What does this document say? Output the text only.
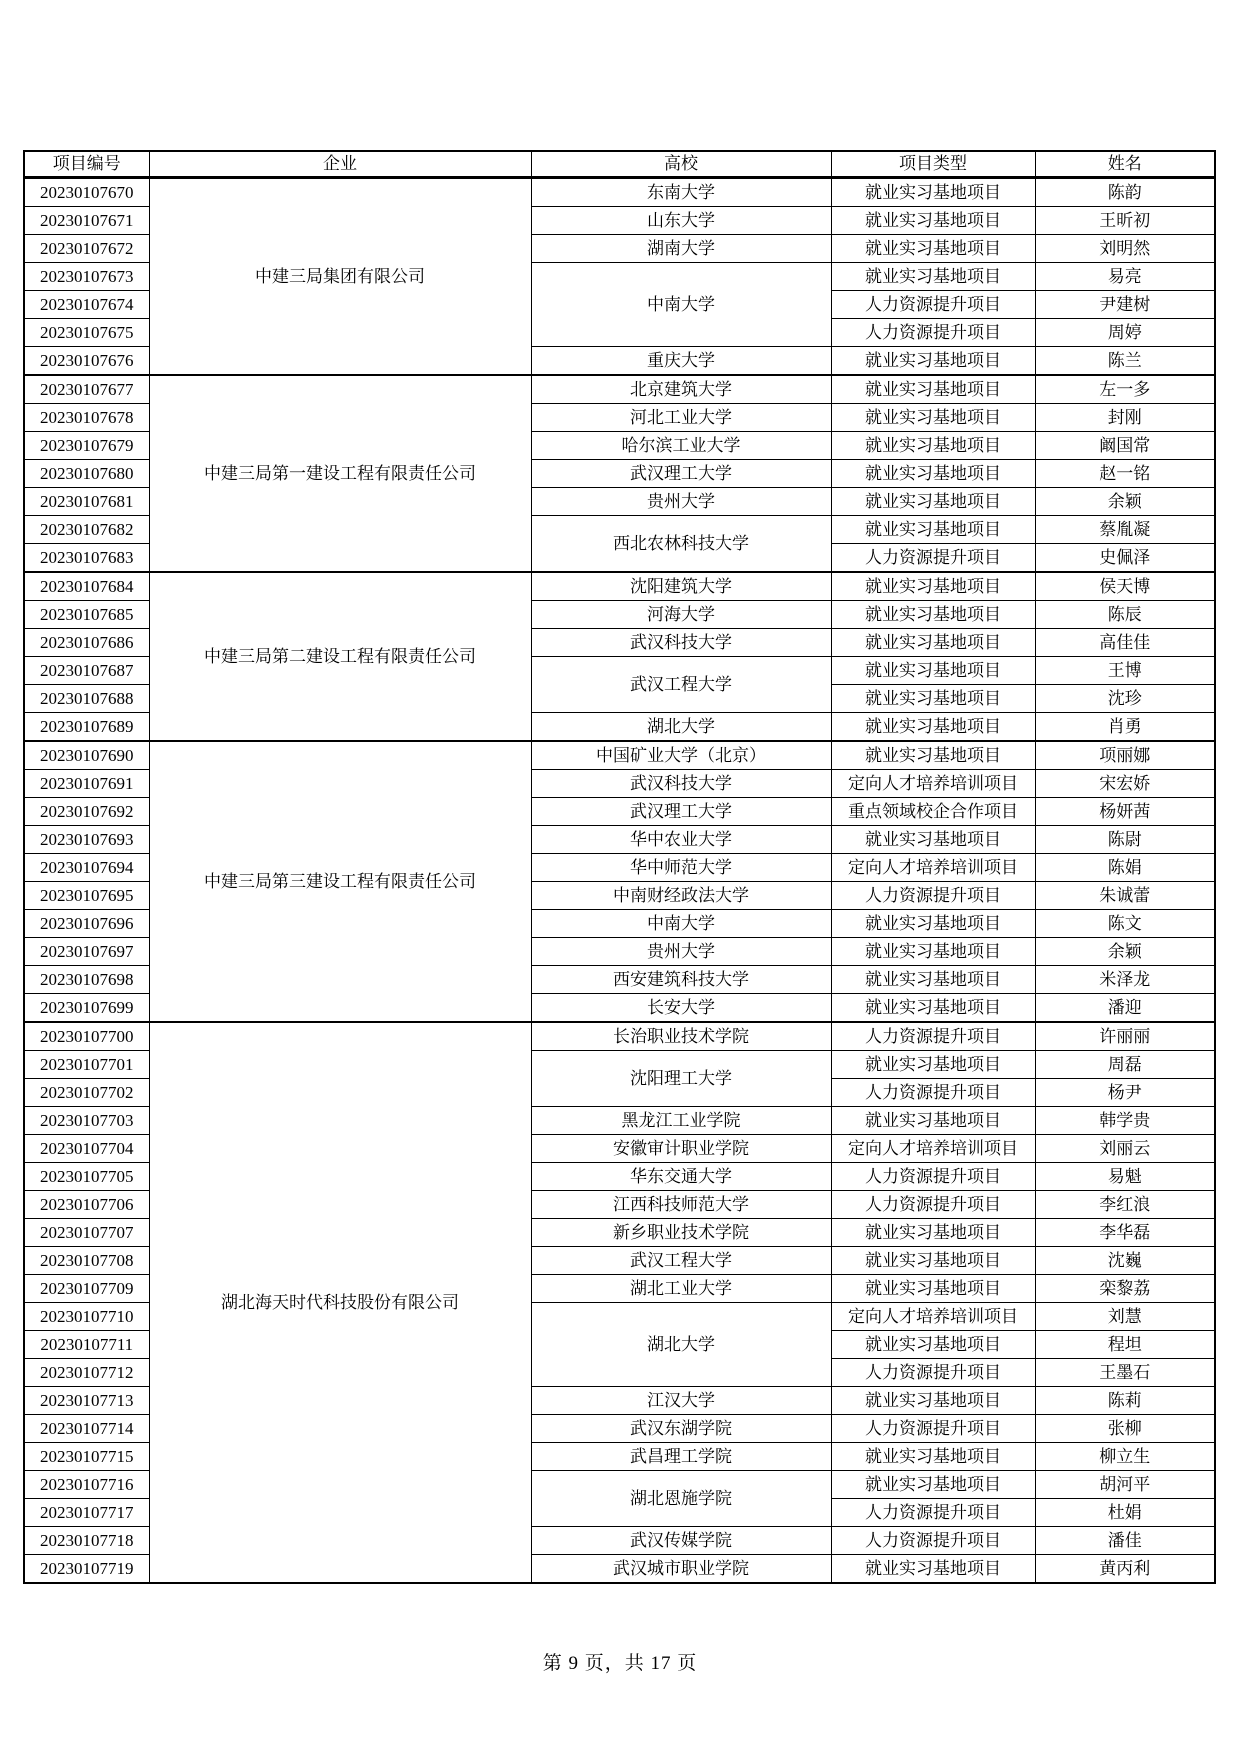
项目编号	企业	高校	项目类型	姓名
20230107670	中建三局集团有限公司	东南大学	就业实习基地项目	陈韵
20230107671		山东大学	就业实习基地项目	王昕初
20230107672		湖南大学	就业实习基地项目	刘明然
20230107673		中南大学	就业实习基地项目	易亮
20230107674			人力资源提升项目	尹建树
20230107675			人力资源提升项目	周婷
20230107676		重庆大学	就业实习基地项目	陈兰
20230107677	中建三局第一建设工程有限责任公司	北京建筑大学	就业实习基地项目	左一多
20230107678		河北工业大学	就业实习基地项目	封刚
20230107679		哈尔滨工业大学	就业实习基地项目	阚国常
20230107680		武汉理工大学	就业实习基地项目	赵一铭
20230107681		贵州大学	就业实习基地项目	余颖
20230107682		西北农林科技大学	就业实习基地项目	蔡胤凝
20230107683			人力资源提升项目	史佩泽
20230107684	中建三局第二建设工程有限责任公司	沈阳建筑大学	就业实习基地项目	侯天博
20230107685		河海大学	就业实习基地项目	陈辰
20230107686		武汉科技大学	就业实习基地项目	高佳佳
20230107687		武汉工程大学	就业实习基地项目	王博
20230107688			就业实习基地项目	沈珍
20230107689		湖北大学	就业实习基地项目	肖勇
20230107690	中建三局第三建设工程有限责任公司	中国矿业大学（北京）	就业实习基地项目	项丽娜
20230107691		武汉科技大学	定向人才培养培训项目	宋宏娇
20230107692		武汉理工大学	重点领域校企合作项目	杨妍茜
20230107693		华中农业大学	就业实习基地项目	陈尉
20230107694		华中师范大学	定向人才培养培训项目	陈娟
20230107695		中南财经政法大学	人力资源提升项目	朱诚蕾
20230107696		中南大学	就业实习基地项目	陈文
20230107697		贵州大学	就业实习基地项目	余颖
20230107698		西安建筑科技大学	就业实习基地项目	米泽龙
20230107699		长安大学	就业实习基地项目	潘迎
20230107700	湖北海天时代科技股份有限公司	长治职业技术学院	人力资源提升项目	许丽丽
20230107701		沈阳理工大学	就业实习基地项目	周磊
20230107702			人力资源提升项目	杨尹
20230107703		黑龙江工业学院	就业实习基地项目	韩学贵
20230107704		安徽审计职业学院	定向人才培养培训项目	刘丽云
20230107705		华东交通大学	人力资源提升项目	易魁
20230107706		江西科技师范大学	人力资源提升项目	李红浪
20230107707		新乡职业技术学院	就业实习基地项目	李华磊
20230107708		武汉工程大学	就业实习基地项目	沈巍
20230107709		湖北工业大学	就业实习基地项目	栾黎荔
20230107710		湖北大学	定向人才培养培训项目	刘慧
20230107711			就业实习基地项目	程坦
20230107712			人力资源提升项目	王墨石
20230107713		江汉大学	就业实习基地项目	陈莉
20230107714		武汉东湖学院	人力资源提升项目	张柳
20230107715		武昌理工学院	就业实习基地项目	柳立生
20230107716		湖北恩施学院	就业实习基地项目	胡河平
20230107717			人力资源提升项目	杜娟
20230107718		武汉传媒学院	人力资源提升项目	潘佳
20230107719		武汉城市职业学院	就业实习基地项目	黄丙利
第 9 页，共 17 页
